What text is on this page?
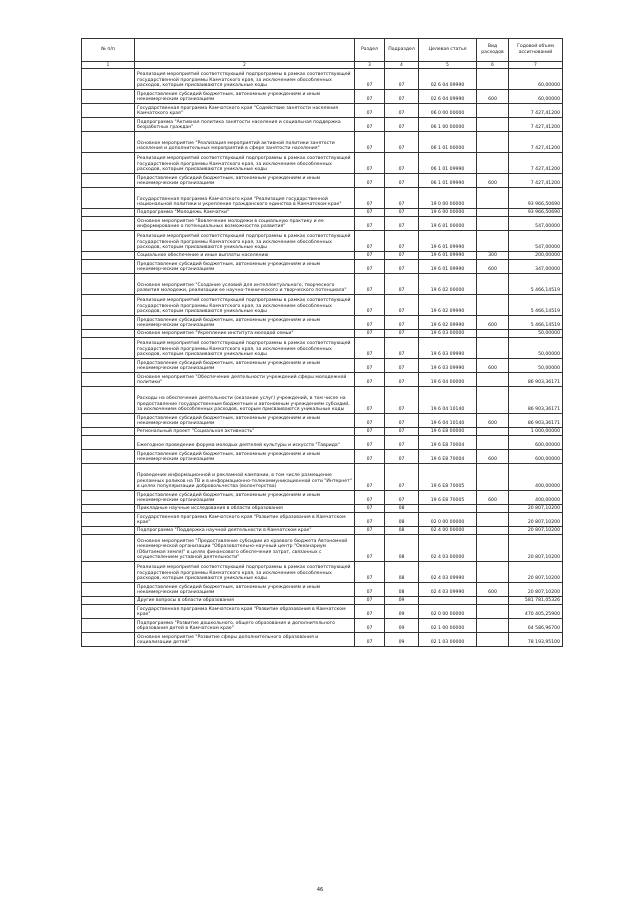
№ п/п		Раздел	Подраздел	Целевая статья	Вид расходов	Годовой объем ассигнований
1	2	3	4	5	6	7
	Реализация мероприятий соответствующей подпрограммы в рамках соответствующей государственной программы Камчатского края, за исключением обособленных расходов, которым присваиваются уникальные коды	07	07	02 6 04 09990		60,00000
	Предоставление субсидий бюджетным, автономным учреждениям и иным некоммерческим организациям	07	07	02 6 04 09990	600	60,00000
	Государственная программа Камчатского края "Содействие занятости населения Камчатского края"	07	07	06 0 00 00000		7 427,41200
	Подпрограмма "Активная политика занятости населения и социальная поддержка безработных граждан"	07	07	06 1 00 00000		7 427,41200
	Основное мероприятие "Реализация мероприятий активной политики занятости населения и дополнительных мероприятий в сфере занятости населения"	07	07	06 1 01 00000		7 427,41200
	Реализация мероприятий соответствующей подпрограммы в рамках соответствующей государственной программы Камчатского края, за исключением обособленных расходов, которым присваиваются уникальные коды	07	07	06 1 01 09990		7 427,41200
	Предоставление субсидий бюджетным, автономным учреждениям и иным некоммерческим организациям	07	07	06 1 01 09990	600	7 427,41200
	Государственная программа Камчатского края "Реализация государственной национальной политики и укрепление гражданского единства в Камчатском крае"	07	07	19 0 00 00000		93 966,50690
	Подпрограмма "Молодежь Камчатки"	07	07	19 6 00 00000		93 966,50690
	Основное мероприятие "Вовлечение молодежи в социальную практику и ее информирование о потенциальных возможностях развития"	07	07	19 6 01 00000		547,00000
	Реализация мероприятий соответствующей подпрограммы в рамках соответствующей государственной программы Камчатского края, за исключением обособленных расходов, которым присваиваются уникальные коды	07	07	19 6 01 09990		547,00000
	Социальное обеспечение и иные выплаты населению	07	07	19 6 01 09990	300	200,00000
	Предоставление субсидий бюджетным, автономным учреждениям и иным некоммерческим организациям	07	07	19 6 01 09990	600	347,00000
	Основное мероприятие "Создание условий для интеллектуального, творческого развития молодежи, реализации ее научно-технического и творческого потенциала"	07	07	19 6 02 00000		5 466,14519
	Реализация мероприятий соответствующей подпрограммы в рамках соответствующей государственной программы Камчатского края, за исключением обособленных расходов, которым присваиваются уникальные коды	07	07	19 6 02 09990		5 466,14519
	Предоставление субсидий бюджетным, автономным учреждениям и иным некоммерческим организациям	07	07	19 6 02 09990	600	5 466,14519
	Основное мероприятие "Укрепление института молодой семьи"	07	07	19 6 03 00000		50,00000
	Реализация мероприятий соответствующей подпрограммы в рамках соответствующей государственной программы Камчатского края, за исключением обособленных расходов, которым присваиваются уникальные коды	07	07	19 6 03 09990		50,00000
	Предоставление субсидий бюджетным, автономным учреждениям и иным некоммерческим организациям	07	07	19 6 03 09990	600	50,00000
	Основное мероприятие "Обеспечение деятельности учреждений сферы молодежной политики"	07	07	19 6 04 00000		86 903,36171
	Расходы на обеспечение деятельности (оказание услуг) учреждений, в том числе на предоставление государственным бюджетным и автономным учреждениям субсидий, за исключением обособленных расходов, которым присваиваются уникальные коды	07	07	19 6 04 10140		86 903,36171
	Предоставление субсидий бюджетным, автономным учреждениям и иным некоммерческим организациям	07	07	19 6 04 10140	600	86 903,36171
	Региональный проект "Социальная активность"	07	07	19 6 E8 00000		1 000,00000
	Ежегодное проведение форума молодых деятелей культуры и искусств "Таврида"	07	07	19 6 E8 70004		600,00000
	Предоставление субсидий бюджетным, автономным учреждениям и иным некоммерческим организациям	07	07	19 6 E8 70004	600	600,00000
	Проведение информационной и рекламной кампании, в том числе размещение рекламных роликов на ТВ и в информационно-телекоммуникационной сети "Интернет" в целях популяризации добровольчества (волонтерства)	07	07	19 6 E8 70005		400,00000
	Предоставление субсидий бюджетным, автономным учреждениям и иным некоммерческим организациям	07	07	19 6 E8 70005	600	400,00000
	Прикладные научные исследования в области образования	07	08			20 807,10200
	Государственная программа Камчатского края "Развитие образования в Камчатском крае"	07	08	02 0 00 00000		20 807,10200
	Подпрограмма "Поддержка научной деятельности в Камчатском крае"	07	08	02 4 00 00000		20 807,10200
	Основное мероприятие "Предоставление субсидии из краевого бюджета Автономной некоммерческой организации "Образовательно-научный центр "Океанариум (Обитаемая земля)" в целях финансового обеспечения затрат, связанных с осуществлением уставной деятельности"	07	08	02 4 03 00000		20 807,10200
	Реализация мероприятий соответствующей подпрограммы в рамках соответствующей государственной программы Камчатского края, за исключением обособленных расходов, которым присваиваются уникальные коды	07	08	02 4 03 09990		20 807,10200
	Предоставление субсидий бюджетным, автономным учреждениям и иным некоммерческим организациям	07	08	02 4 03 09990	600	20 807,10200
	Другие вопросы в области образования	07	09			581 781,05326
	Государственная программа Камчатского края "Развитие образования в Камчатском крае"	07	09	02 0 00 00000		470 405,25900
	Подпрограмма "Развитие дошкольного, общего образования и дополнительного образования детей в Камчатском крае"	07	09	02 1 00 00000		64 586,96700
	Основное мероприятие "Развитие сферы дополнительного образования и социализации детей"	07	09	02 1 03 00000		78 193,95100
46
